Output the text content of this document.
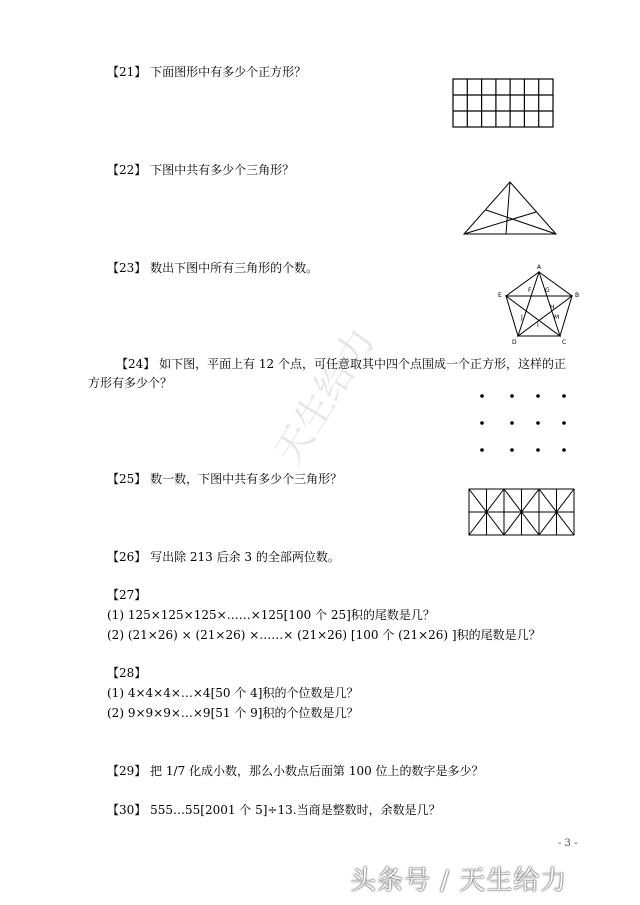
【21】 下面图形中有多少个正方形？
【22】 下图中共有多少个三角形？
【23】 数出下图中所有三角形的个数。	A
B
C
D
E
F G
H
I
J	M
【24】 如下图，平面上有 12 个点，可任意取其中四个点围成一个正方形，这样的正
方形有多少个？
【25】 数一数，下图中共有多少个三角形？
【26】 写出除 213 后余 3 的全部两位数。
【27】
(1) 125×125×125×……×125[100 个 25]积的尾数是几？
(2) (21×26) × (21×26) ×……× (21×26) [100 个 (21×26) ]积的尾数是几？
【28】
(1) 4×4×4×…×4[50 个 4]积的个位数是几？
(2) 9×9×9×…×9[51 个 9]积的个位数是几？
【29】 把 1/7 化成小数，那么小数点后面第 100 位上的数字是多少？
【30】 555…55[2001 个 5]÷13.当商是整数时，余数是几？
- 3 -
天生给力
头条号 / 天生给力
